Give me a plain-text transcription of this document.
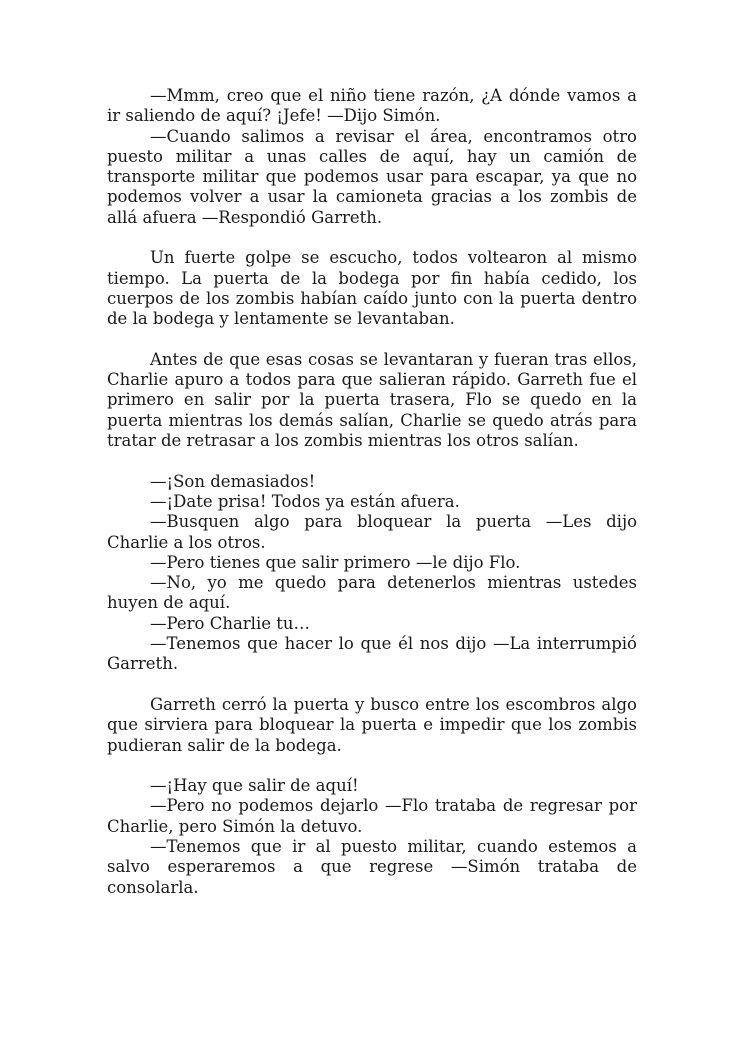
—Mmm, creo que el niño tiene razón, ¿A dónde vamos a ir saliendo de aquí? ¡Jefe! —Dijo Simón.

—Cuando salimos a revisar el área, encontramos otro puesto militar a unas calles de aquí, hay un camión de transporte militar que podemos usar para escapar, ya que no podemos volver a usar la camioneta gracias a los zombis de allá afuera —Respondió Garreth.

Un fuerte golpe se escucho, todos voltearon al mismo tiempo. La puerta de la bodega por fin había cedido, los cuerpos de los zombis habían caído junto con la puerta dentro de la bodega y lentamente se levantaban.

Antes de que esas cosas se levantaran y fueran tras ellos, Charlie apuro a todos para que salieran rápido. Garreth fue el primero en salir por la puerta trasera, Flo se quedo en la puerta mientras los demás salían, Charlie se quedo atrás para tratar de retrasar a los zombis mientras los otros salían.

—¡Son demasiados!

—¡Date prisa! Todos ya están afuera.

—Busquen algo para bloquear la puerta —Les dijo Charlie a los otros.

—Pero tienes que salir primero —le dijo Flo.

—No, yo me quedo para detenerlos mientras ustedes huyen de aquí.

—Pero Charlie tu…

—Tenemos que hacer lo que él nos dijo —La interrumpió Garreth.

Garreth cerró la puerta y busco entre los escombros algo que sirviera para bloquear la puerta e impedir que los zombis pudieran salir de la bodega.

—¡Hay que salir de aquí!

—Pero no podemos dejarlo —Flo trataba de regresar por Charlie, pero Simón la detuvo.

—Tenemos que ir al puesto militar, cuando estemos a salvo esperaremos a que regrese —Simón trataba de consolarla.
